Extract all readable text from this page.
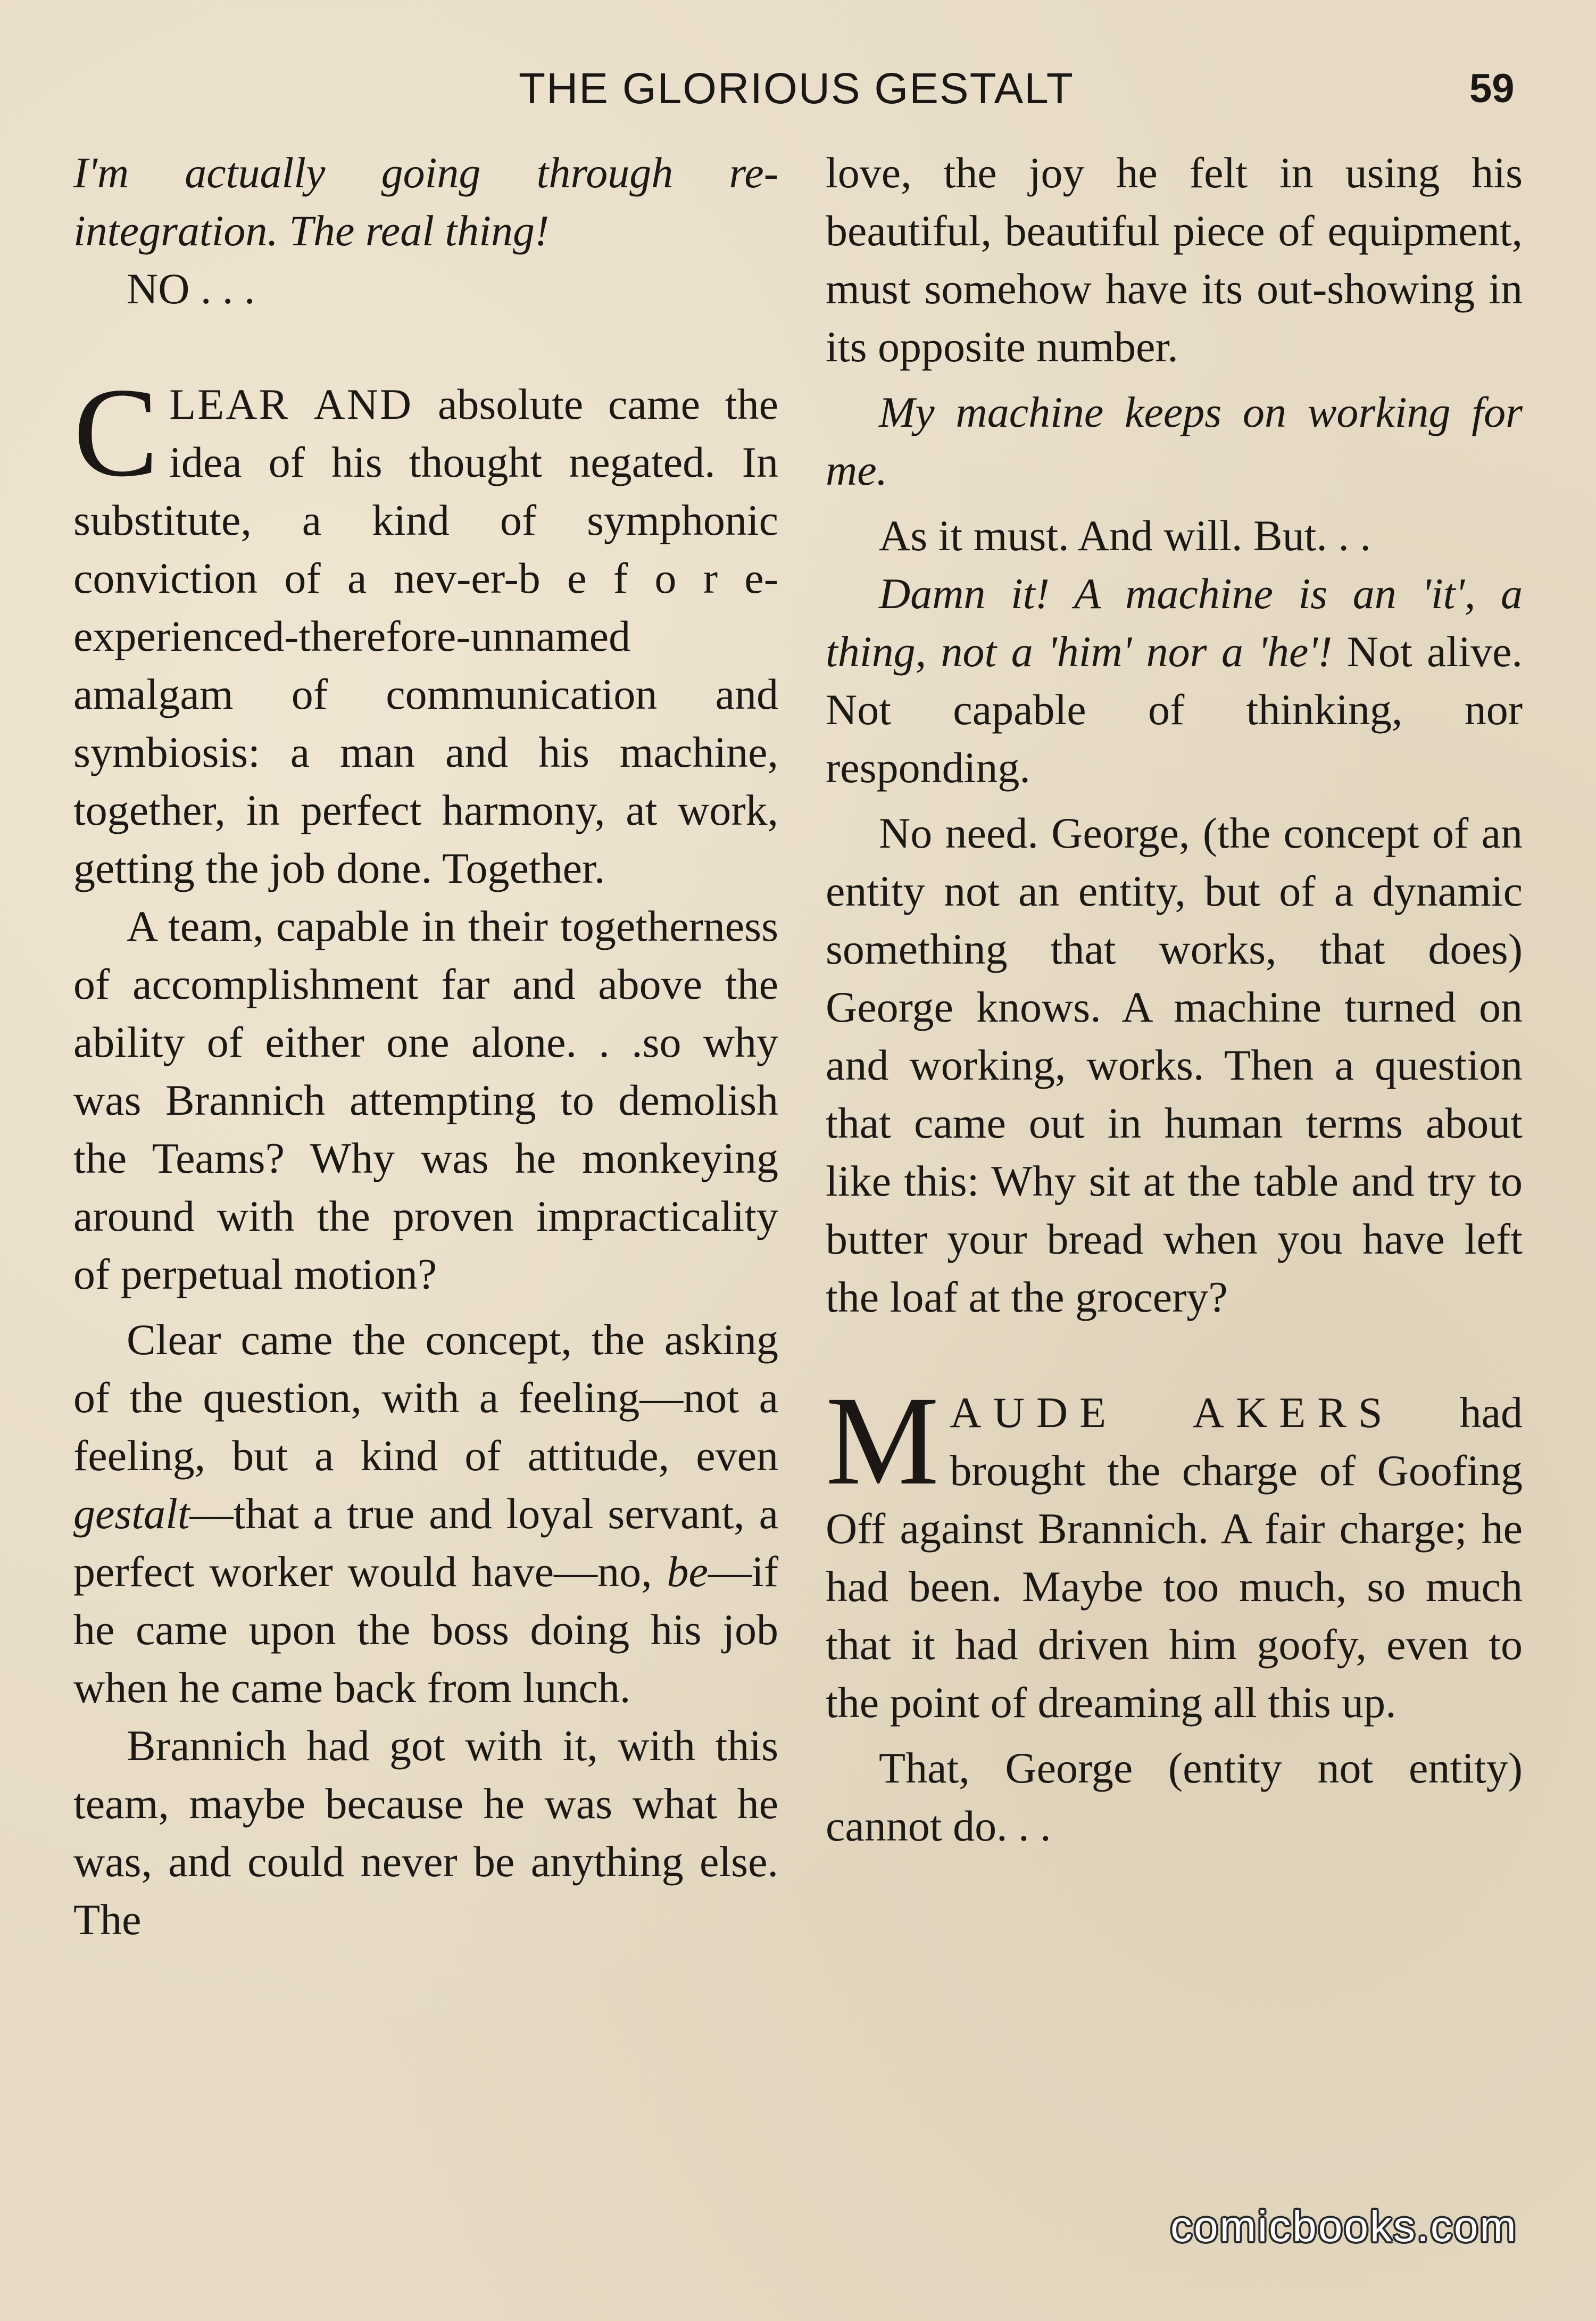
THE GLORIOUS GESTALT	59

I'm actually going through re-integration. The real thing!

NO . . .

CLEAR AND absolute came the idea of his thought negated. In substitute, a kind of symphonic conviction of a nev-er-b e f o r e-experienced-therefore-unnamed amalgam of communication and symbiosis: a man and his machine, together, in perfect harmony, at work, getting the job done. Together.

A team, capable in their togetherness of accomplishment far and above the ability of either one alone. . .so why was Brannich attempting to demolish the Teams? Why was he monkeying around with the proven impracticality of perpetual motion?

Clear came the concept, the asking of the question, with a feeling—not a feeling, but a kind of attitude, even gestalt—that a true and loyal servant, a perfect worker would have—no, be—if he came upon the boss doing his job when he came back from lunch.

Brannich had got with it, with this team, maybe because he was what he was, and could never be anything else. The

love, the joy he felt in using his beautiful, beautiful piece of equipment, must somehow have its out-showing in its opposite number.

My machine keeps on working for me.

As it must. And will. But. . .

Damn it! A machine is an 'it', a thing, not a 'him' nor a 'he'! Not alive. Not capable of thinking, nor responding.

No need. George, (the concept of an entity not an entity, but of a dynamic something that works, that does) George knows. A machine turned on and working, works. Then a question that came out in human terms about like this: Why sit at the table and try to butter your bread when you have left the loaf at the grocery?

MAUDE AKERS had brought the charge of Goofing Off against Brannich. A fair charge; he had been. Maybe too much, so much that it had driven him goofy, even to the point of dreaming all this up.

That, George (entity not entity) cannot do. . .

comicbooks.com
